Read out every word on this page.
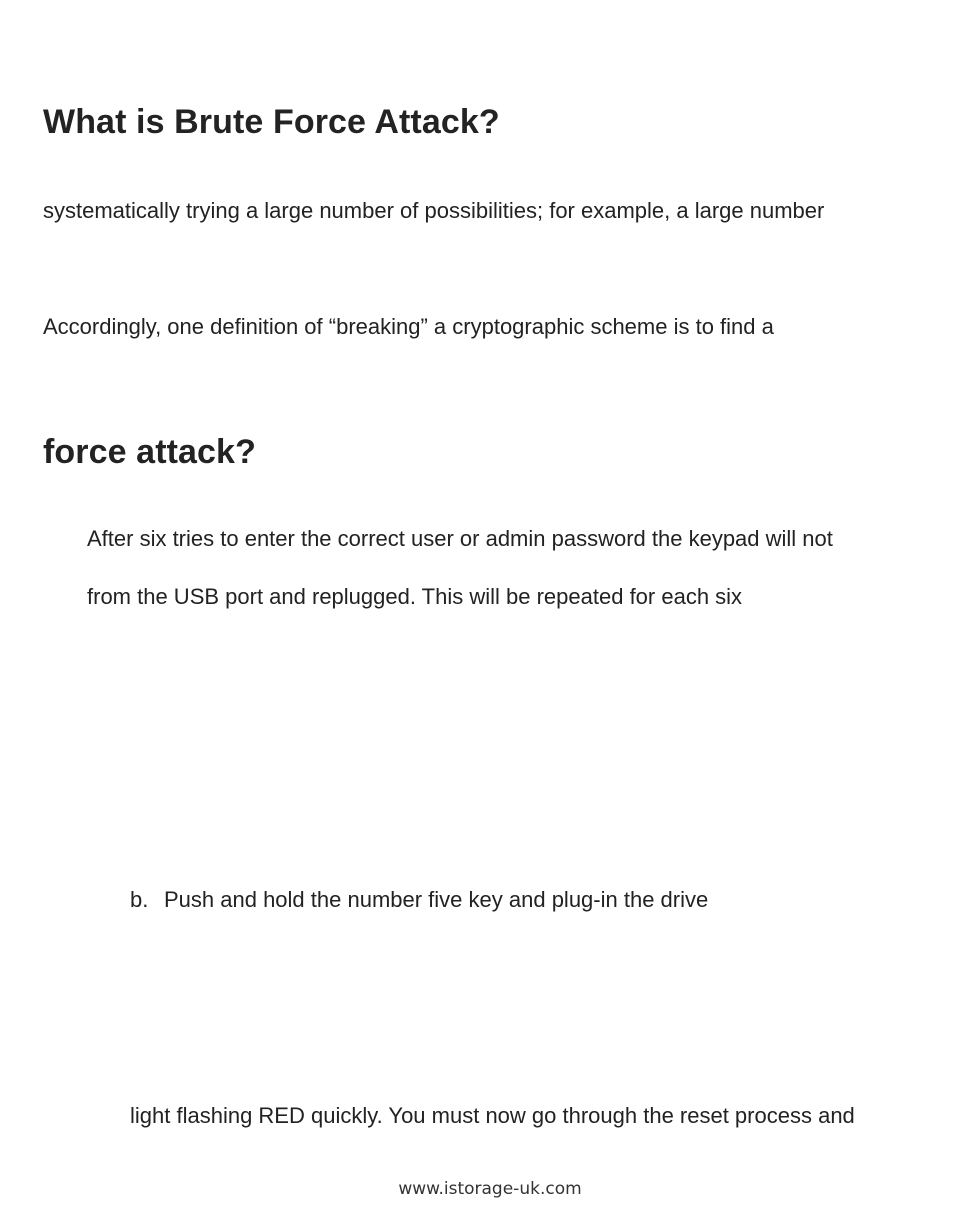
What is Brute Force Attack?

systematically trying a large number of possibilities; for example, a large number

Accordingly, one definition of “breaking” a cryptographic scheme is to find a

force attack?

After six tries to enter the correct user or admin password the keypad will not

from the USB port and replugged. This will be repeated for each six

b. Push and hold the number five key and plug-in the drive

light flashing RED quickly. You must now go through the reset process and

www.istorage-uk.com
